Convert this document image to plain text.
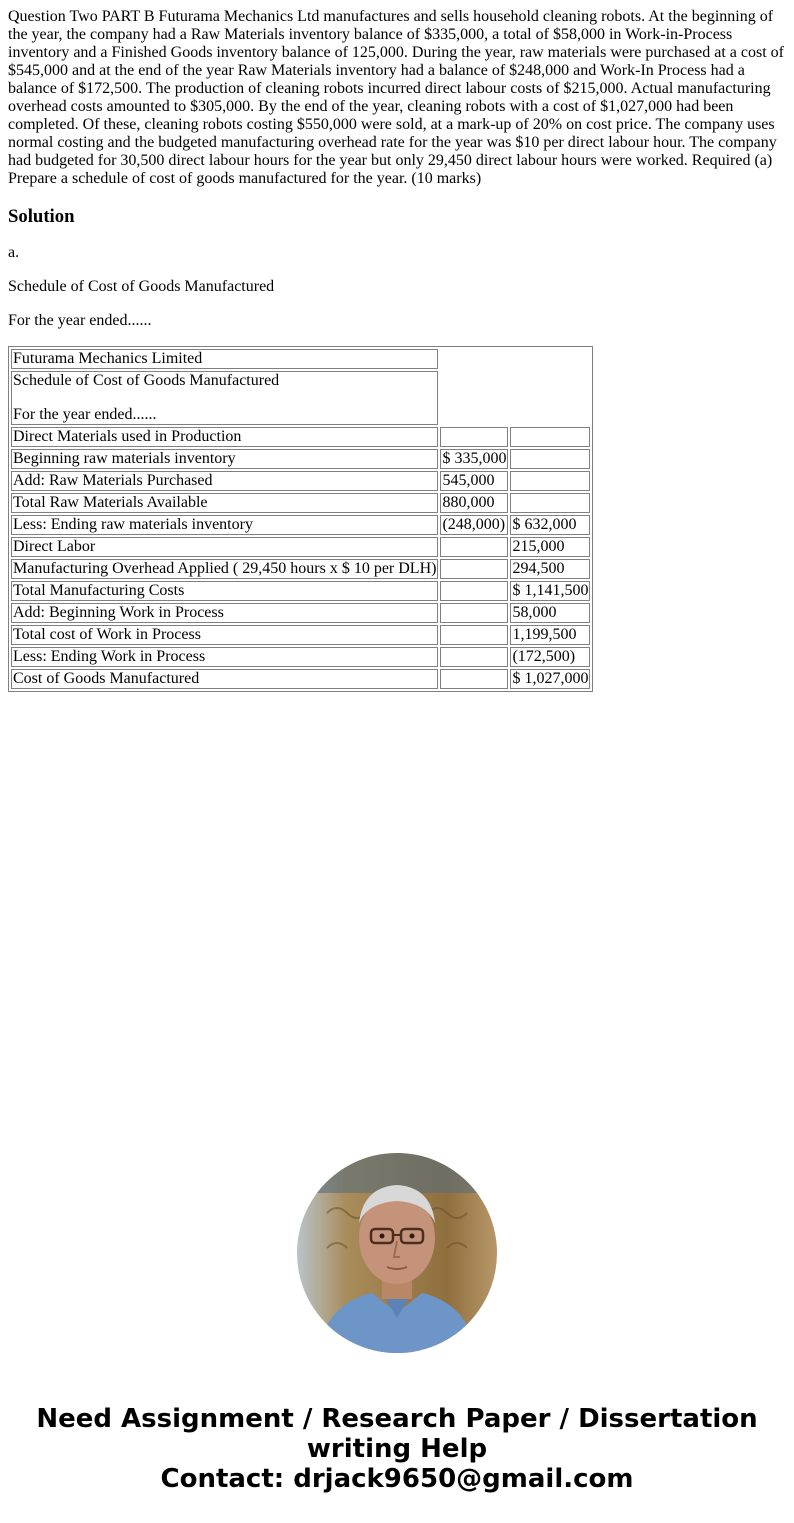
Question Two PART B Futurama Mechanics Ltd manufactures and sells household cleaning robots. At the beginning of the year, the company had a Raw Materials inventory balance of $335,000, a total of $58,000 in Work-in-Process inventory and a Finished Goods inventory balance of 125,000. During the year, raw materials were purchased at a cost of $545,000 and at the end of the year Raw Materials inventory had a balance of $248,000 and Work-In Process had a balance of $172,500. The production of cleaning robots incurred direct labour costs of $215,000. Actual manufacturing overhead costs amounted to $305,000. By the end of the year, cleaning robots with a cost of $1,027,000 had been completed. Of these, cleaning robots costing $550,000 were sold, at a mark-up of 20% on cost price. The company uses normal costing and the budgeted manufacturing overhead rate for the year was $10 per direct labour hour. The company had budgeted for 30,500 direct labour hours for the year but only 29,450 direct labour hours were worked. Required (a) Prepare a schedule of cost of goods manufactured for the year. (10 marks)
Solution

a.

Schedule of Cost of Goods Manufactured

For the year ended......

Futurama Mechanics Limited		

Schedule of Cost of Goods Manufactured
For the year ended......		

Direct Materials used in Production		
Beginning raw materials inventory	$ 335,000	
Add: Raw Materials Purchased	545,000	
Total Raw Materials Available	880,000	
Less: Ending raw materials inventory	(248,000)	$ 632,000
Direct Labor		215,000
Manufacturing Overhead Applied ( 29,450 hours x $ 10 per DLH)		294,500
Total Manufacturing Costs		$ 1,141,500
Add: Beginning Work in Process		58,000
Total cost of Work in Process		1,199,500
Less: Ending Work in Process		(172,500)
Cost of Goods Manufactured		$ 1,027,000
Need Assignment / Research Paper / Dissertation
writing Help
Contact: drjack9650@gmail.com
